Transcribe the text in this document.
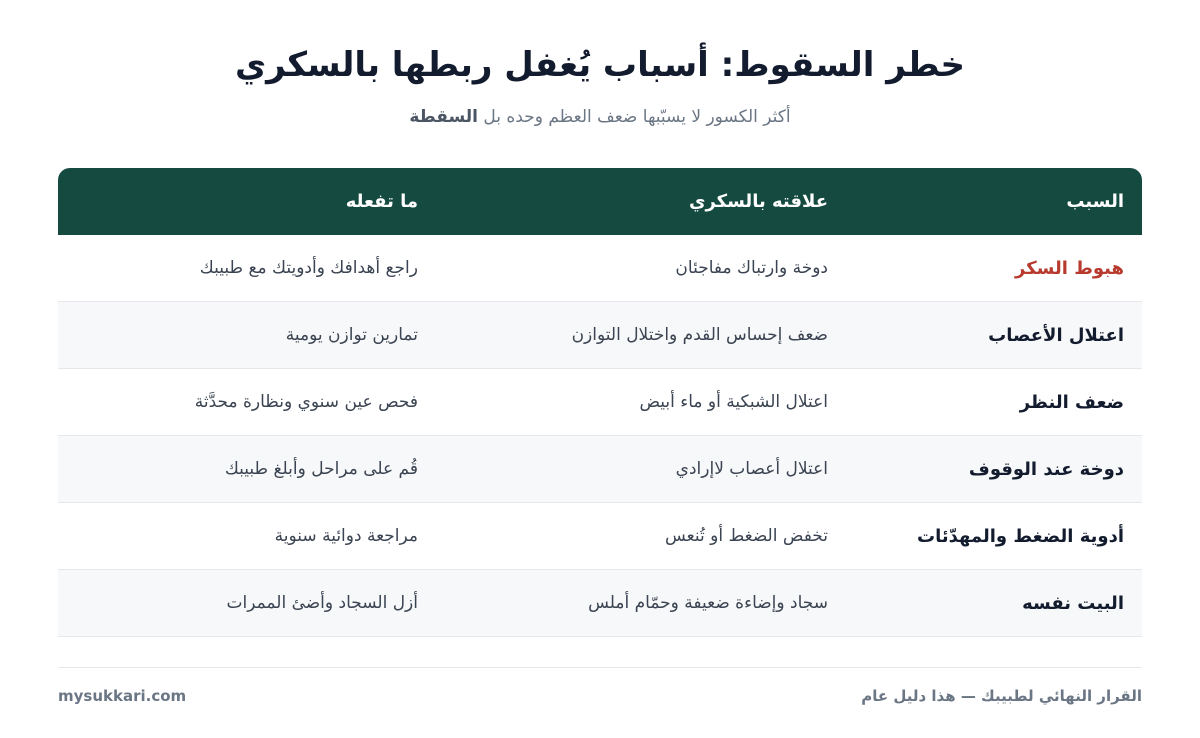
خطر السقوط: أسباب يُغفل ربطها بالسكري

أكثر الكسور لا يسبّبها ضعف العظم وحده بل السقطة

السبب
علاقته بالسكري
ما تفعله
هبوط السكر
دوخة وارتباك مفاجئان
راجع أهدافك وأدويتك مع طبيبك
اعتلال الأعصاب
ضعف إحساس القدم واختلال التوازن
تمارين توازن يومية
ضعف النظر
اعتلال الشبكية أو ماء أبيض
فحص عين سنوي ونظارة محدَّثة
دوخة عند الوقوف
اعتلال أعصاب لاإرادي
قُم على مراحل وأبلغ طبيبك
أدوية الضغط والمهدّئات
تخفض الضغط أو تُنعس
مراجعة دوائية سنوية
البيت نفسه
سجاد وإضاءة ضعيفة وحمّام أملس
أزل السجاد وأضئ الممرات
القرار النهائي لطبيبك — هذا دليل عام
mysukkari.com
